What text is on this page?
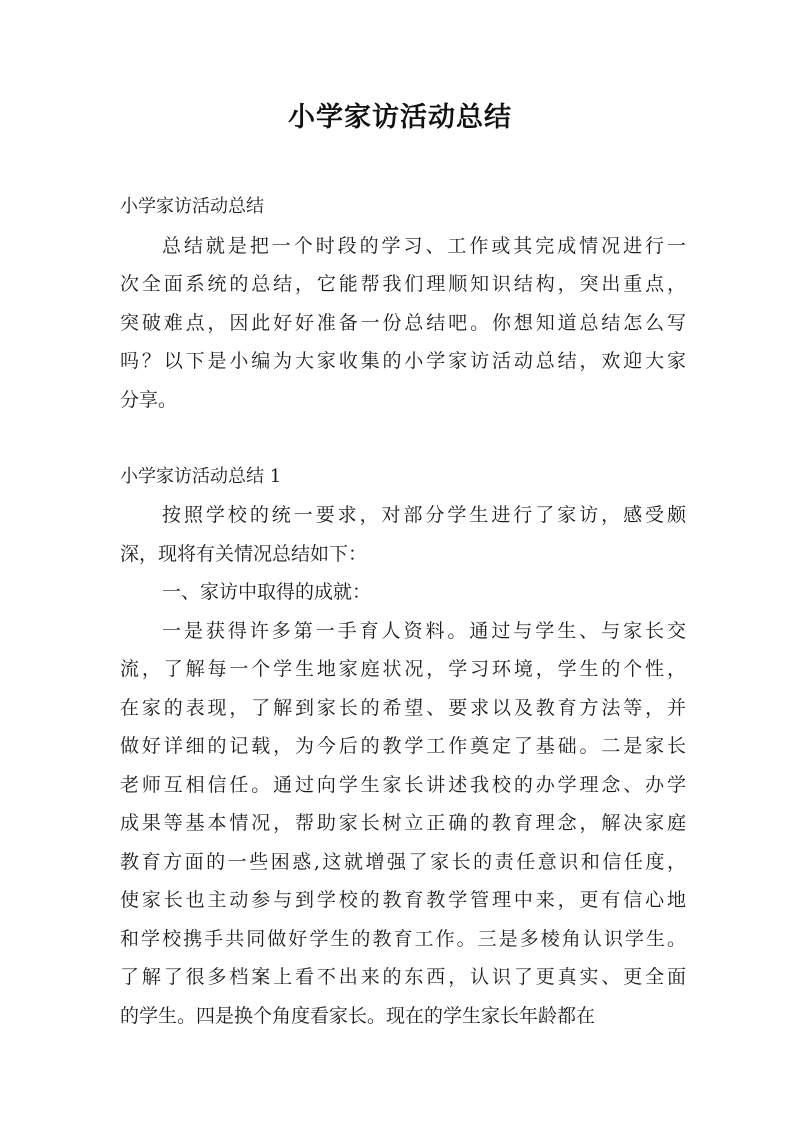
小学家访活动总结
小学家访活动总结
总结就是把一个时段的学习、工作或其完成情况进行一
次全面系统的总结，它能帮我们理顺知识结构，突出重点，
突破难点，因此好好准备一份总结吧。你想知道总结怎么写
吗？以下是小编为大家收集的小学家访活动总结，欢迎大家
分享。
小学家访活动总结 1
按照学校的统一要求，对部分学生进行了家访，感受颇
深，现将有关情况总结如下：
一、家访中取得的成就：
一是获得许多第一手育人资料。通过与学生、与家长交
流，了解每一个学生地家庭状况，学习环境，学生的个性，
在家的表现，了解到家长的希望、要求以及教育方法等，并
做好详细的记载，为今后的教学工作奠定了基础。二是家长
老师互相信任。通过向学生家长讲述我校的办学理念、办学
成果等基本情况，帮助家长树立正确的教育理念，解决家庭
教育方面的一些困惑,这就增强了家长的责任意识和信任度，
使家长也主动参与到学校的教育教学管理中来，更有信心地
和学校携手共同做好学生的教育工作。三是多棱角认识学生。
了解了很多档案上看不出来的东西，认识了更真实、更全面
的学生。四是换个角度看家长。现在的学生家长年龄都在
